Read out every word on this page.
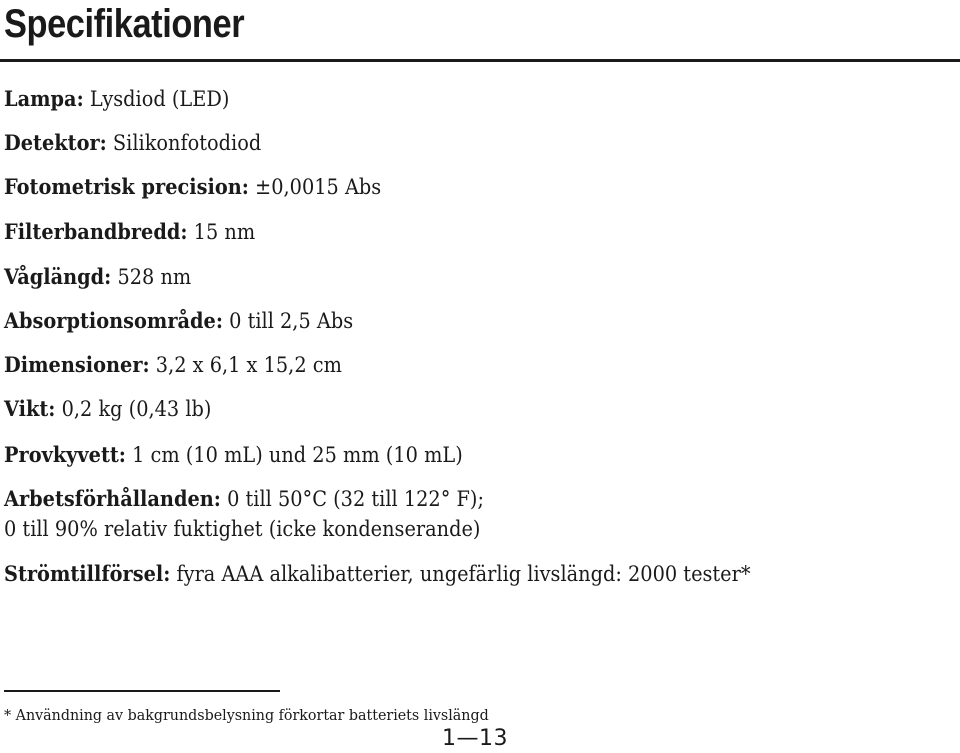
Specifikationer

Lampa: Lysdiod (LED)

Detektor: Silikonfotodiod

Fotometrisk precision: ±0,0015 Abs

Filterbandbredd: 15 nm

Våglängd: 528 nm

Absorptionsområde: 0 till 2,5 Abs

Dimensioner: 3,2 x 6,1 x 15,2 cm

Vikt: 0,2 kg (0,43 lb)

Provkyvett: 1 cm (10 mL) und 25 mm (10 mL)

Arbetsförhållanden: 0 till 50°C (32 till 122° F);

0 till 90% relativ fuktighet (icke kondenserande)

Strömtillförsel: fyra AAA alkalibatterier, ungefärlig livslängd: 2000 tester*

* Användning av bakgrundsbelysning förkortar batteriets livslängd

1—13
